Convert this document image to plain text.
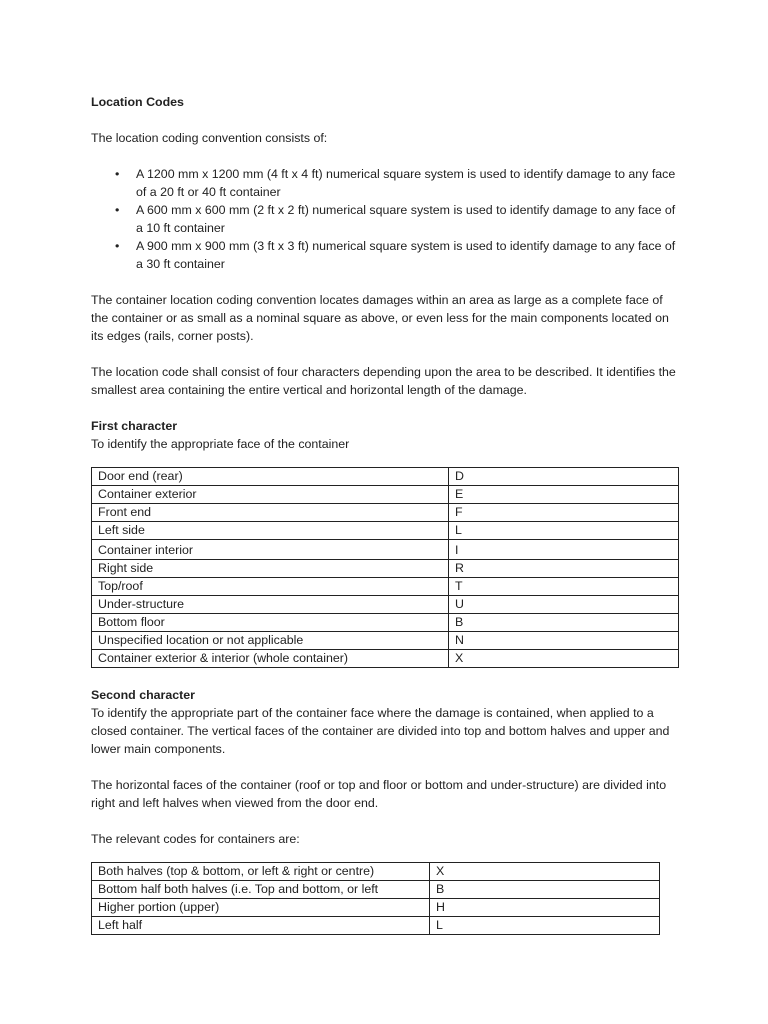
Location Codes

The location coding convention consists of:

• A 1200 mm x 1200 mm (4 ft x 4 ft) numerical square system is used to identify damage to any face of a 20 ft or 40 ft container
• A 600 mm x 600 mm (2 ft x 2 ft) numerical square system is used to identify damage to any face of a 10 ft container
• A 900 mm x 900 mm (3 ft x 3 ft) numerical square system is used to identify damage to any face of a 30 ft container

The container location coding convention locates damages within an area as large as a complete face of the container or as small as a nominal square as above, or even less for the main components located on its edges (rails, corner posts).

The location code shall consist of four characters depending upon the area to be described. It identifies the smallest area containing the entire vertical and horizontal length of the damage.

First character

To identify the appropriate face of the container

Door end (rear)	D
Container exterior	E
Front end	F
Left side	L
Container interior	I
Right side	R
Top/roof	T
Under-structure	U
Bottom floor	B
Unspecified location or not applicable	N
Container exterior & interior (whole container)	X

Second character

To identify the appropriate part of the container face where the damage is contained, when applied to a closed container. The vertical faces of the container are divided into top and bottom halves and upper and lower main components.

The horizontal faces of the container (roof or top and floor or bottom and under-structure) are divided into right and left halves when viewed from the door end.

The relevant codes for containers are:

Both halves (top & bottom, or left & right or centre)	X
Bottom half both halves (i.e. Top and bottom, or left	B
Higher portion (upper)	H
Left half	L
